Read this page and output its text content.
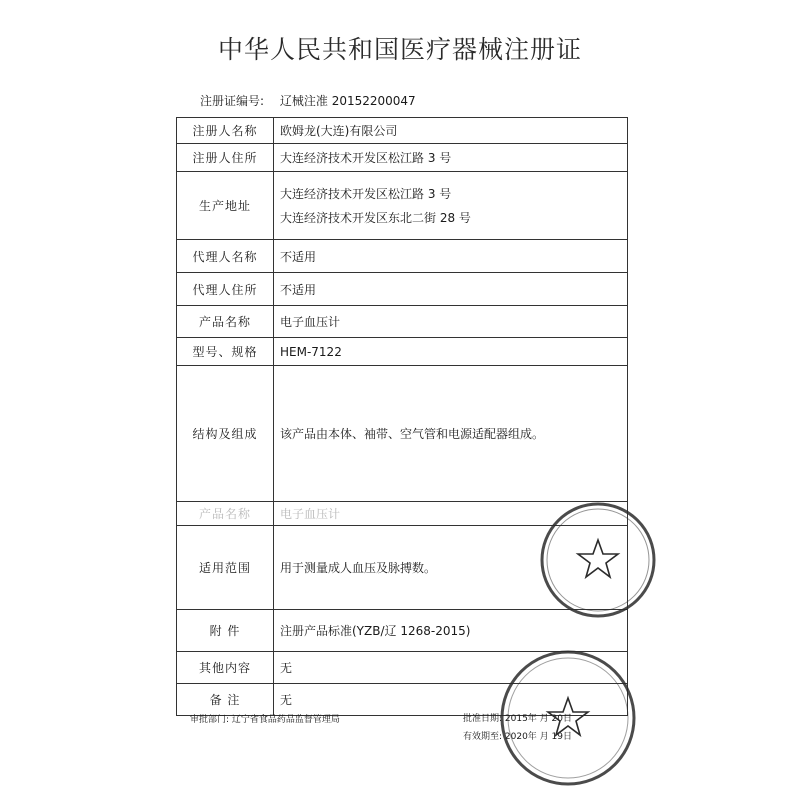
中华人民共和国医疗器械注册证
注册证编号: 辽械注准 20152200047
注册人名称	欧姆龙(大连)有限公司
注册人住所	大连经济技术开发区松江路 3 号
生产地址	大连经济技术开发区松江路 3 号
大连经济技术开发区东北二街 28 号

代理人名称	不适用
代理人住所	不适用
产品名称	电子血压计
型号、规格	HEM-7122
结构及组成	该产品由本体、袖带、空气管和电源适配器组成。
产品名称	电子血压计
适用范围	用于测量成人血压及脉搏数。
附 件	注册产品标准(YZB/辽 1268-2015)
其他内容	无
备 注	无
审批部门: 辽宁省食品药品监督管理局	批准日期: 2015年 月 20日
有效期至: 2020年 月 19日
